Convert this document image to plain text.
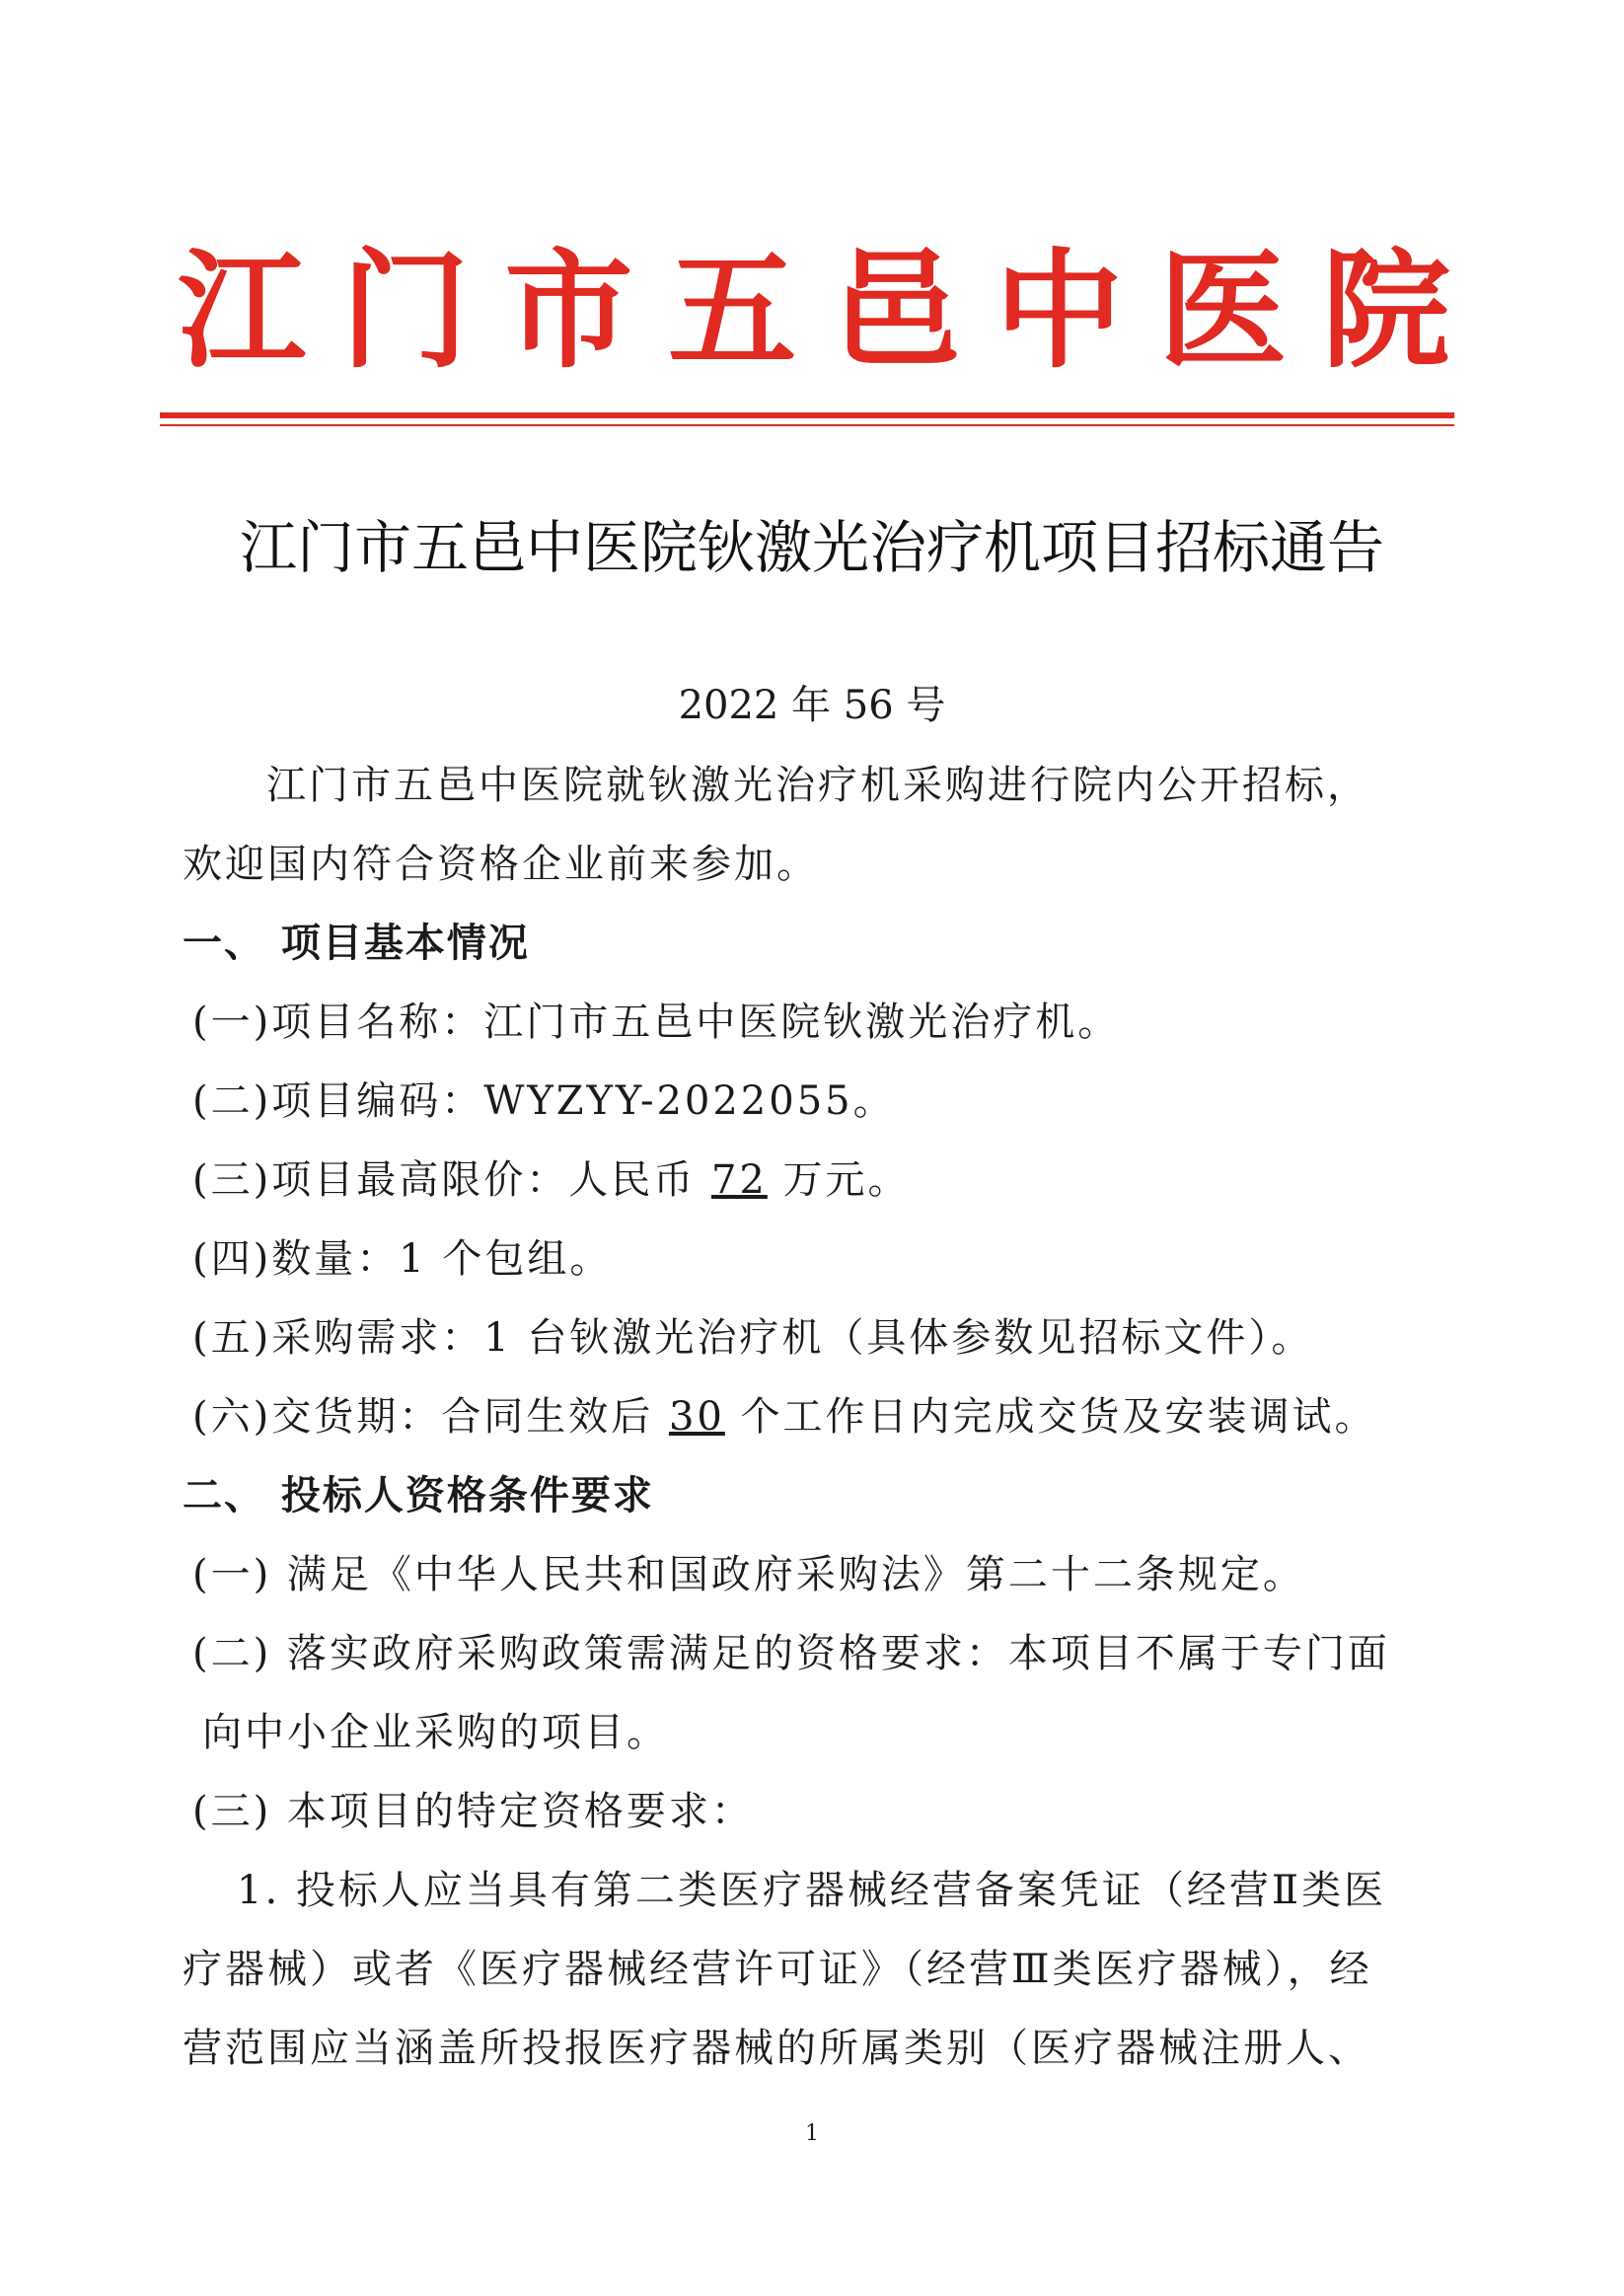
江 门 市 五 邑 中 医 院
江门市五邑中医院钬激光治疗机项目招标通告
2022 年 56 号
江门市五邑中医院就钬激光治疗机采购进行院内公开招标，
欢迎国内符合资格企业前来参加。
一、 项目基本情况
(一)项目名称：江门市五邑中医院钬激光治疗机。
(二)项目编码：WYZYY-2022055。
(三)项目最高限价：人民币 72 万元。
(四)数量：1 个包组。
(五)采购需求：1 台钬激光治疗机（具体参数见招标文件）。
(六)交货期：合同生效后 30 个工作日内完成交货及安装调试。
二、 投标人资格条件要求
(一) 满足《中华人民共和国政府采购法》第二十二条规定。
(二) 落实政府采购政策需满足的资格要求：本项目不属于专门面
向中小企业采购的项目。
(三) 本项目的特定资格要求：
1. 投标人应当具有第二类医疗器械经营备案凭证（经营Ⅱ类医
疗器械）或者《医疗器械经营许可证》（经营Ⅲ类医疗器械），经
营范围应当涵盖所投报医疗器械的所属类别（医疗器械注册人、
1
